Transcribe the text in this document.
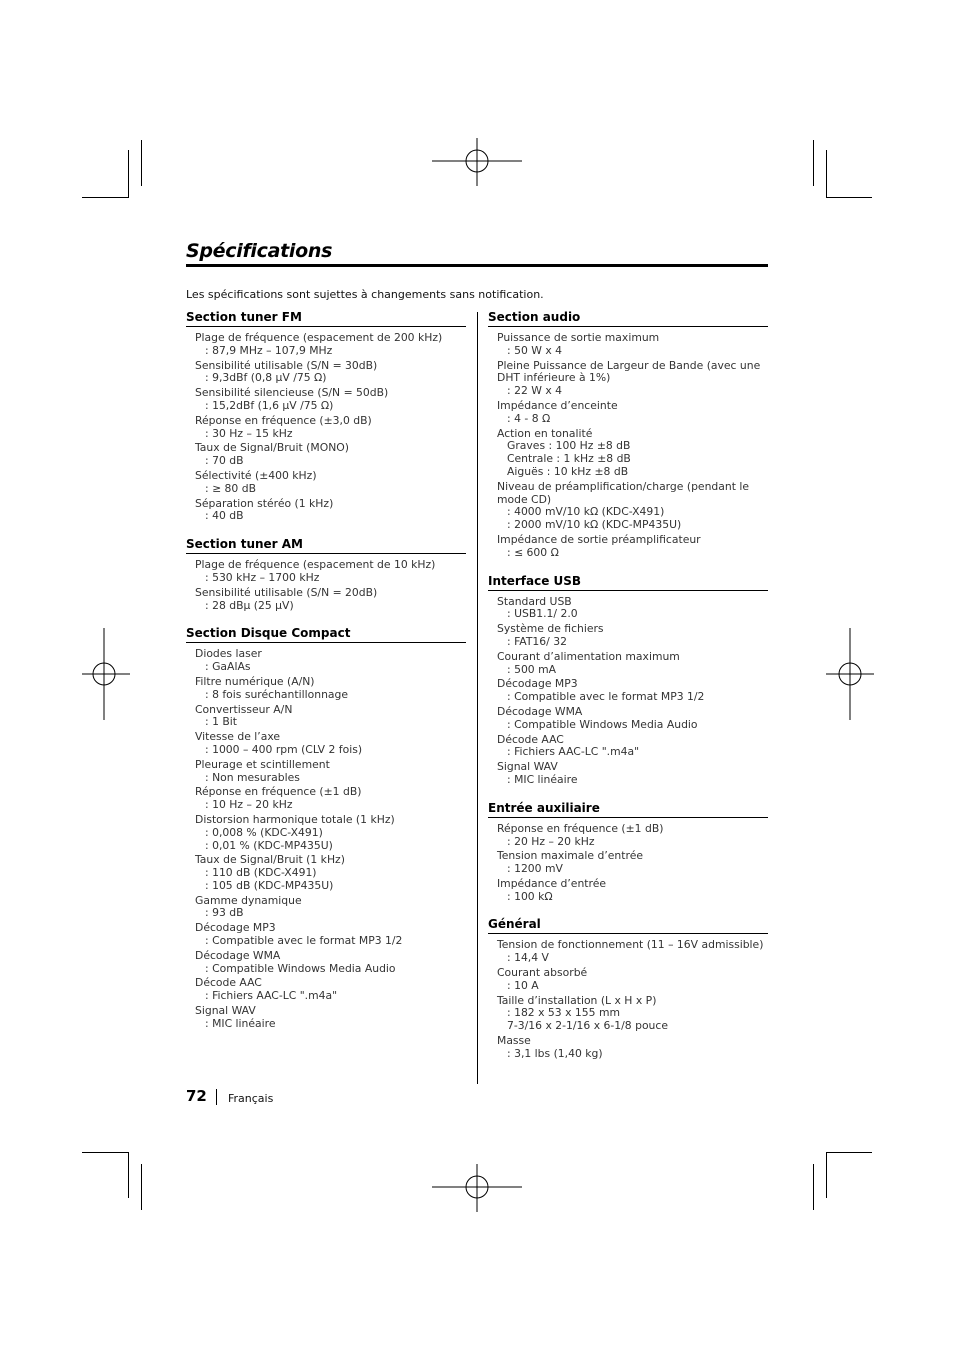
Spécifications
Les spécifications sont sujettes à changements sans notification.
Section tuner FM
Plage de fréquence (espacement de 200 kHz)
: 87,9 MHz – 107,9 MHz
Sensibilité utilisable (S/N = 30dB)
: 9,3dBf (0,8 µV /75 Ω)
Sensibilité silencieuse (S/N = 50dB)
: 15,2dBf (1,6 µV /75 Ω)
Réponse en fréquence (±3,0 dB)
: 30 Hz – 15 kHz
Taux de Signal/Bruit (MONO)
: 70 dB
Sélectivité (±400 kHz)
: ≥ 80 dB
Séparation stéréo (1 kHz)
: 40 dB
Section tuner AM
Plage de fréquence (espacement de 10 kHz)
: 530 kHz – 1700 kHz
Sensibilité utilisable (S/N = 20dB)
: 28 dBµ (25 µV)
Section Disque Compact
Diodes laser
: GaAlAs
Filtre numérique (A/N)
: 8 fois suréchantillonnage
Convertisseur A/N
: 1 Bit
Vitesse de l’axe
: 1000 – 400 rpm (CLV 2 fois)
Pleurage et scintillement
: Non mesurables
Réponse en fréquence (±1 dB)
: 10 Hz – 20 kHz
Distorsion harmonique totale (1 kHz)
: 0,008 % (KDC-X491)
: 0,01 % (KDC-MP435U)
Taux de Signal/Bruit (1 kHz)
: 110 dB (KDC-X491)
: 105 dB (KDC-MP435U)
Gamme dynamique
: 93 dB
Décodage MP3
: Compatible avec le format MP3 1/2
Décodage WMA
: Compatible Windows Media Audio
Décode AAC
: Fichiers AAC-LC ".m4a"
Signal WAV
: MIC linéaire
Section audio
Puissance de sortie maximum
: 50 W x 4
Pleine Puissance de Largeur de Bande (avec une DHT inférieure à 1%)
: 22 W x 4
Impédance d’enceinte
: 4 - 8 Ω
Action en tonalité
Graves : 100 Hz ±8 dB
Centrale : 1 kHz ±8 dB
Aiguës : 10 kHz ±8 dB
Niveau de préamplification/charge (pendant le mode CD)
: 4000 mV/10 kΩ (KDC-X491)
: 2000 mV/10 kΩ (KDC-MP435U)
Impédance de sortie préamplificateur
: ≤ 600 Ω
Interface USB
Standard USB
: USB1.1/ 2.0
Système de fichiers
: FAT16/ 32
Courant d’alimentation maximum
: 500 mA
Décodage MP3
: Compatible avec le format MP3 1/2
Décodage WMA
: Compatible Windows Media Audio
Décode AAC
: Fichiers AAC-LC ".m4a"
Signal WAV
: MIC linéaire
Entrée auxiliaire
Réponse en fréquence (±1 dB)
: 20 Hz – 20 kHz
Tension maximale d’entrée
: 1200 mV
Impédance d’entrée
: 100 kΩ
Général
Tension de fonctionnement (11 – 16V admissible)
: 14,4 V
Courant absorbé
: 10 A
Taille d’installation (L x H x P)
: 182 x 53 x 155 mm
7-3/16 x 2-1/16 x 6-1/8 pouce
Masse
: 3,1 lbs (1,40 kg)
72 Français
